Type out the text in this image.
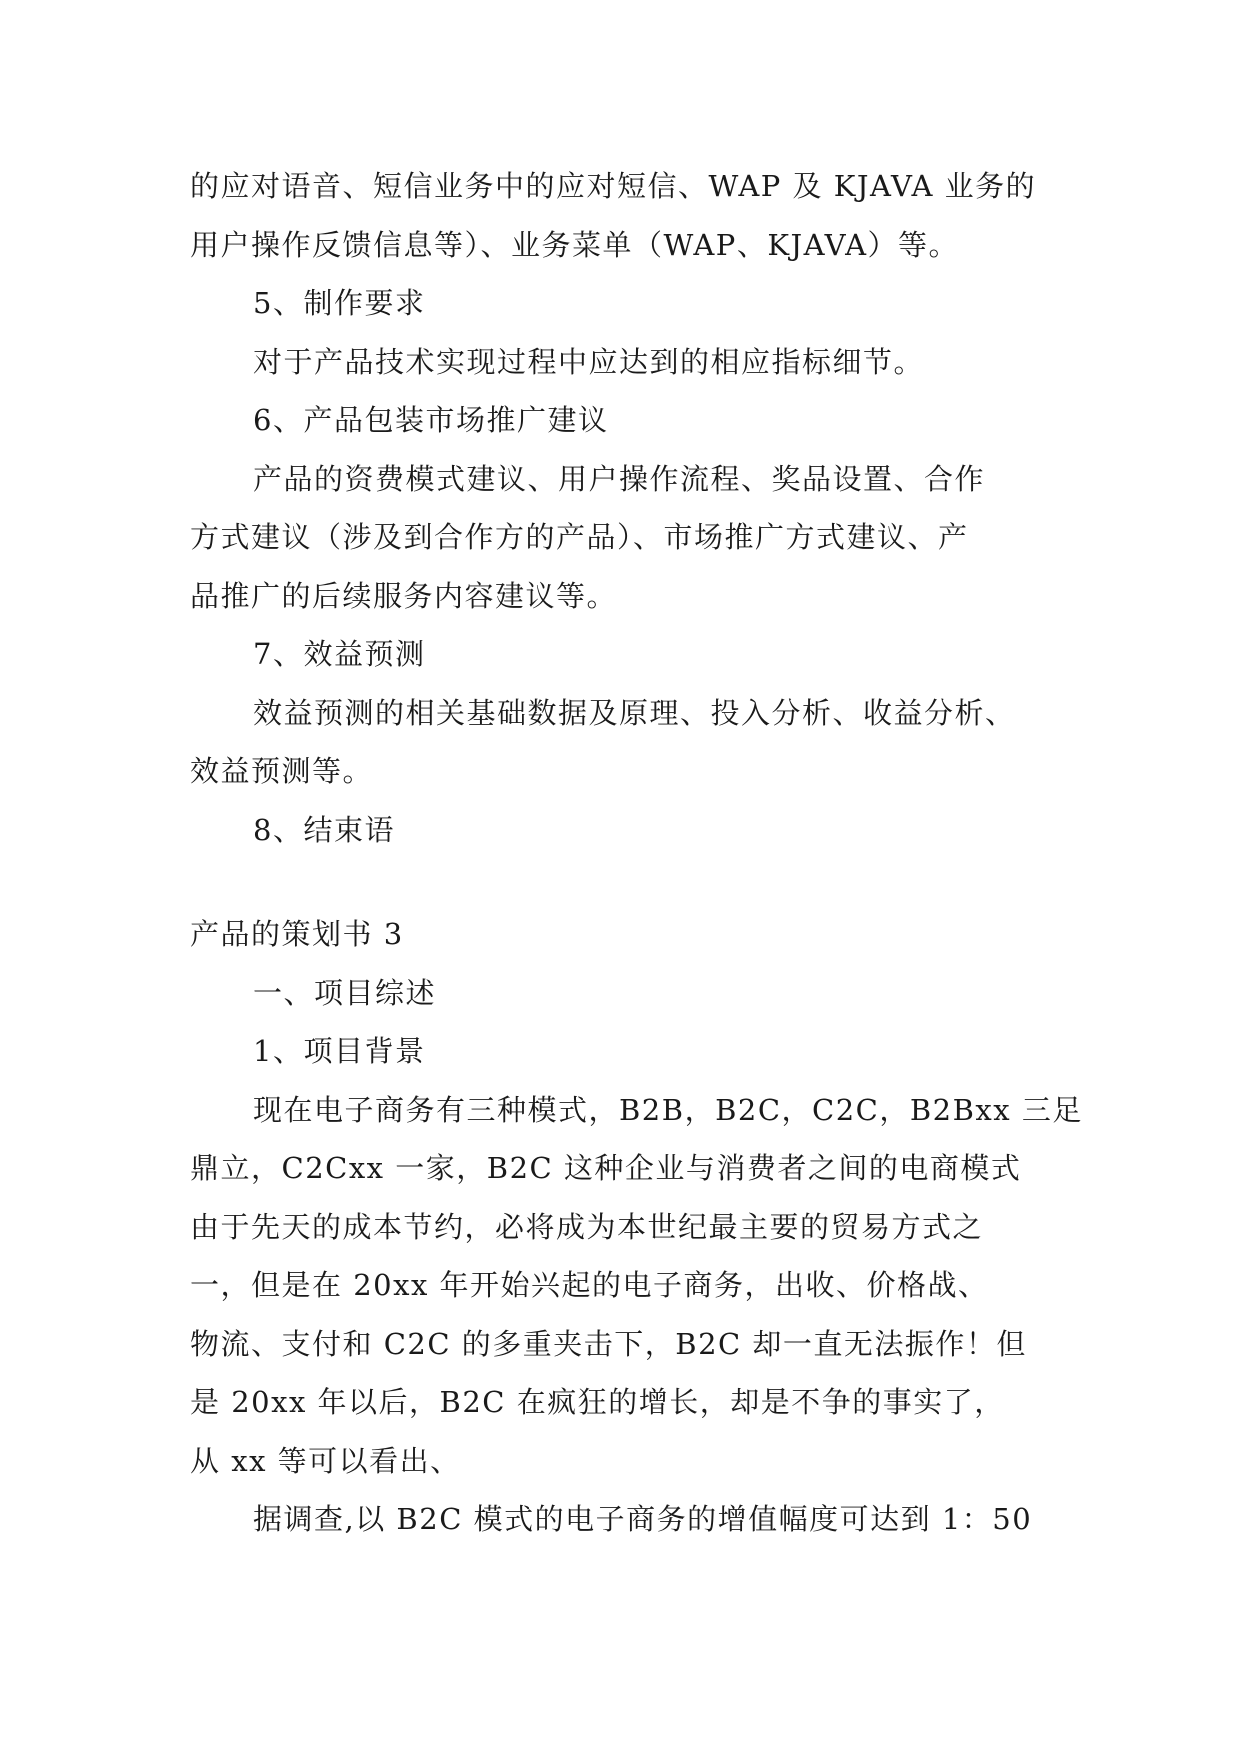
的应对语音、短信业务中的应对短信、WAP 及 KJAVA 业务的
用户操作反馈信息等）、业务菜单（WAP、KJAVA）等。
5、制作要求
对于产品技术实现过程中应达到的相应指标细节。
6、产品包装市场推广建议
产品的资费模式建议、用户操作流程、奖品设置、合作
方式建议（涉及到合作方的产品）、市场推广方式建议、产
品推广的后续服务内容建议等。
7、效益预测
效益预测的相关基础数据及原理、投入分析、收益分析、
效益预测等。
8、结束语
产品的策划书 3
一、项目综述
1、项目背景
现在电子商务有三种模式，B2B，B2C，C2C，B2Bxx 三足
鼎立，C2Cxx 一家，B2C 这种企业与消费者之间的电商模式
由于先天的成本节约，必将成为本世纪最主要的贸易方式之
一，但是在 20xx 年开始兴起的电子商务，出收、价格战、
物流、支付和 C2C 的多重夹击下，B2C 却一直无法振作！但
是 20xx 年以后，B2C 在疯狂的增长，却是不争的事实了，
从 xx 等可以看出、
据调查,以 B2C 模式的电子商务的增值幅度可达到 1：50
